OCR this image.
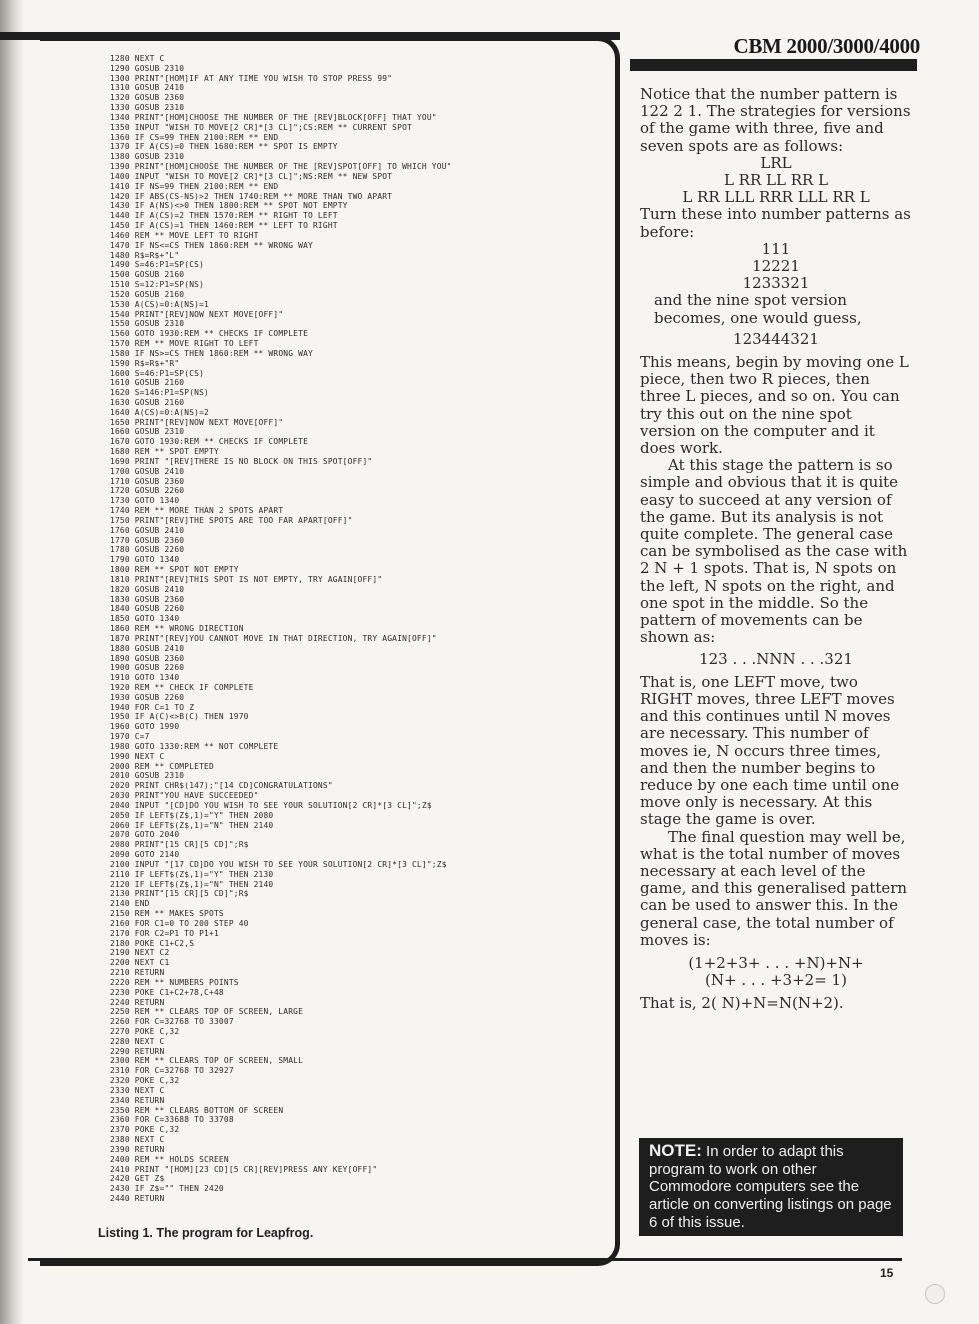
1280 NEXT C
1290 GOSUB 2310
1300 PRINT"[HOM]IF AT ANY TIME YOU WISH TO STOP PRESS 99"
1310 GOSUB 2410
1320 GOSUB 2360
1330 GOSUB 2310
1340 PRINT"[HOM]CHOOSE THE NUMBER OF THE [REV]BLOCK[OFF] THAT YOU"
1350 INPUT "WISH TO MOVE[2 CR]*[3 CL]";CS:REM ** CURRENT SPOT
1360 IF CS=99 THEN 2100:REM ** END
1370 IF A(CS)=0 THEN 1680:REM ** SPOT IS EMPTY
1380 GOSUB 2310
1390 PRINT"[HOM]CHOOSE THE NUMBER OF THE [REV]SPOT[OFF] TO WHICH YOU"
1400 INPUT "WISH TO MOVE[2 CR]*[3 CL]";NS:REM ** NEW SPOT
1410 IF NS=99 THEN 2100:REM ** END
1420 IF ABS(CS-NS)>2 THEN 1740:REM ** MORE THAN TWO APART
1430 IF A(NS)<>0 THEN 1800:REM ** SPOT NOT EMPTY
1440 IF A(CS)=2 THEN 1570:REM ** RIGHT TO LEFT
1450 IF A(CS)=1 THEN 1460:REM ** LEFT TO RIGHT
1460 REM ** MOVE LEFT TO RIGHT
1470 IF NS<=CS THEN 1860:REM ** WRONG WAY
1480 R$=R$+"L"
1490 S=46:P1=SP(CS)
1500 GOSUB 2160
1510 S=12:P1=SP(NS)
1520 GOSUB 2160
1530 A(CS)=0:A(NS)=1
1540 PRINT"[REV]NOW NEXT MOVE[OFF]"
1550 GOSUB 2310
1560 GOTO 1930:REM ** CHECKS IF COMPLETE
1570 REM ** MOVE RIGHT TO LEFT
1580 IF NS>=CS THEN 1860:REM ** WRONG WAY
1590 R$=R$+"R"
1600 S=46:P1=SP(CS)
1610 GOSUB 2160
1620 S=146:P1=SP(NS)
1630 GOSUB 2160
1640 A(CS)=0:A(NS)=2
1650 PRINT"[REV]NOW NEXT MOVE[OFF]"
1660 GOSUB 2310
1670 GOTO 1930:REM ** CHECKS IF COMPLETE
1680 REM ** SPOT EMPTY
1690 PRINT "[REV]THERE IS NO BLOCK ON THIS SPOT[OFF]"
1700 GOSUB 2410
1710 GOSUB 2360
1720 GOSUB 2260
1730 GOTO 1340
1740 REM ** MORE THAN 2 SPOTS APART
1750 PRINT"[REV]THE SPOTS ARE TOO FAR APART[OFF]"
1760 GOSUB 2410
1770 GOSUB 2360
1780 GOSUB 2260
1790 GOTO 1340
1800 REM ** SPOT NOT EMPTY
1810 PRINT"[REV]THIS SPOT IS NOT EMPTY, TRY AGAIN[OFF]"
1820 GOSUB 2410
1830 GOSUB 2360
1840 GOSUB 2260
1850 GOTO 1340
1860 REM ** WRONG DIRECTION
1870 PRINT"[REV]YOU CANNOT MOVE IN THAT DIRECTION, TRY AGAIN[OFF]"
1880 GOSUB 2410
1890 GOSUB 2360
1900 GOSUB 2260
1910 GOTO 1340
1920 REM ** CHECK IF COMPLETE
1930 GOSUB 2260
1940 FOR C=1 TO Z
1950 IF A(C)<>B(C) THEN 1970
1960 GOTO 1990
1970 C=7
1980 GOTO 1330:REM ** NOT COMPLETE
1990 NEXT C
2000 REM ** COMPLETED
2010 GOSUB 2310
2020 PRINT CHR$(147);"[14 CD]CONGRATULATIONS"
2030 PRINT"YOU HAVE SUCCEEDED"
2040 INPUT "[CD]DO YOU WISH TO SEE YOUR SOLUTION[2 CR]*[3 CL]";Z$
2050 IF LEFT$(Z$,1)="Y" THEN 2080
2060 IF LEFT$(Z$,1)="N" THEN 2140
2070 GOTO 2040
2080 PRINT"[15 CR][5 CD]";R$
2090 GOTO 2140
2100 INPUT "[17 CD]DO YOU WISH TO SEE YOUR SOLUTION[2 CR]*[3 CL]";Z$
2110 IF LEFT$(Z$,1)="Y" THEN 2130
2120 IF LEFT$(Z$,1)="N" THEN 2140
2130 PRINT"[15 CR][5 CD]";R$
2140 END
2150 REM ** MAKES SPOTS
2160 FOR C1=0 TO 200 STEP 40
2170 FOR C2=P1 TO P1+1
2180 POKE C1+C2,S
2190 NEXT C2
2200 NEXT C1
2210 RETURN
2220 REM ** NUMBERS POINTS
2230 POKE C1+C2+78,C+48
2240 RETURN
2250 REM ** CLEARS TOP OF SCREEN, LARGE
2260 FOR C=32768 TO 33007
2270 POKE C,32
2280 NEXT C
2290 RETURN
2300 REM ** CLEARS TOP OF SCREEN, SMALL
2310 FOR C=32768 TO 32927
2320 POKE C,32
2330 NEXT C
2340 RETURN
2350 REM ** CLEARS BOTTOM OF SCREEN
2360 FOR C=33688 TO 33708
2370 POKE C,32
2380 NEXT C
2390 RETURN
2400 REM ** HOLDS SCREEN
2410 PRINT "[HOM][23 CD][5 CR][REV]PRESS ANY KEY[OFF]"
2420 GET Z$
2430 IF Z$="" THEN 2420
2440 RETURN
Listing 1. The program for Leapfrog.
CBM 2000/3000/4000

Notice that the number pattern is 122 2 1. The strategies for versions of the game with three, five and seven spots are as follows:

LRL
L RR LL RR L
L RR LLL RRR LLL RR L

Turn these into number patterns as before:

111
12221
1233321

and the nine spot version becomes, one would guess,

123444321

This means, begin by moving one L piece, then two R pieces, then three L pieces, and so on. You can try this out on the nine spot version on the computer and it does work.

At this stage the pattern is so simple and obvious that it is quite easy to succeed at any version of the game. But its analysis is not quite complete. The general case can be symbolised as the case with 2 N + 1 spots. That is, N spots on the left, N spots on the right, and one spot in the middle. So the pattern of movements can be shown as:

123 . . .NNN . . .321

That is, one LEFT move, two RIGHT moves, three LEFT moves and this continues until N moves are necessary. This number of moves ie, N occurs three times, and then the number begins to reduce by one each time until one move only is necessary. At this stage the game is over.

The final question may well be, what is the total number of moves necessary at each level of the game, and this generalised pattern can be used to answer this. In the general case, the total number of moves is:

(1+2+3+ . . . +N)+N+
(N+ . . . +3+2= 1)

That is, 2( N)+N=N(N+2).

NOTE: In order to adapt this program to work on other Commodore computers see the article on converting listings on page 6 of this issue.
15
